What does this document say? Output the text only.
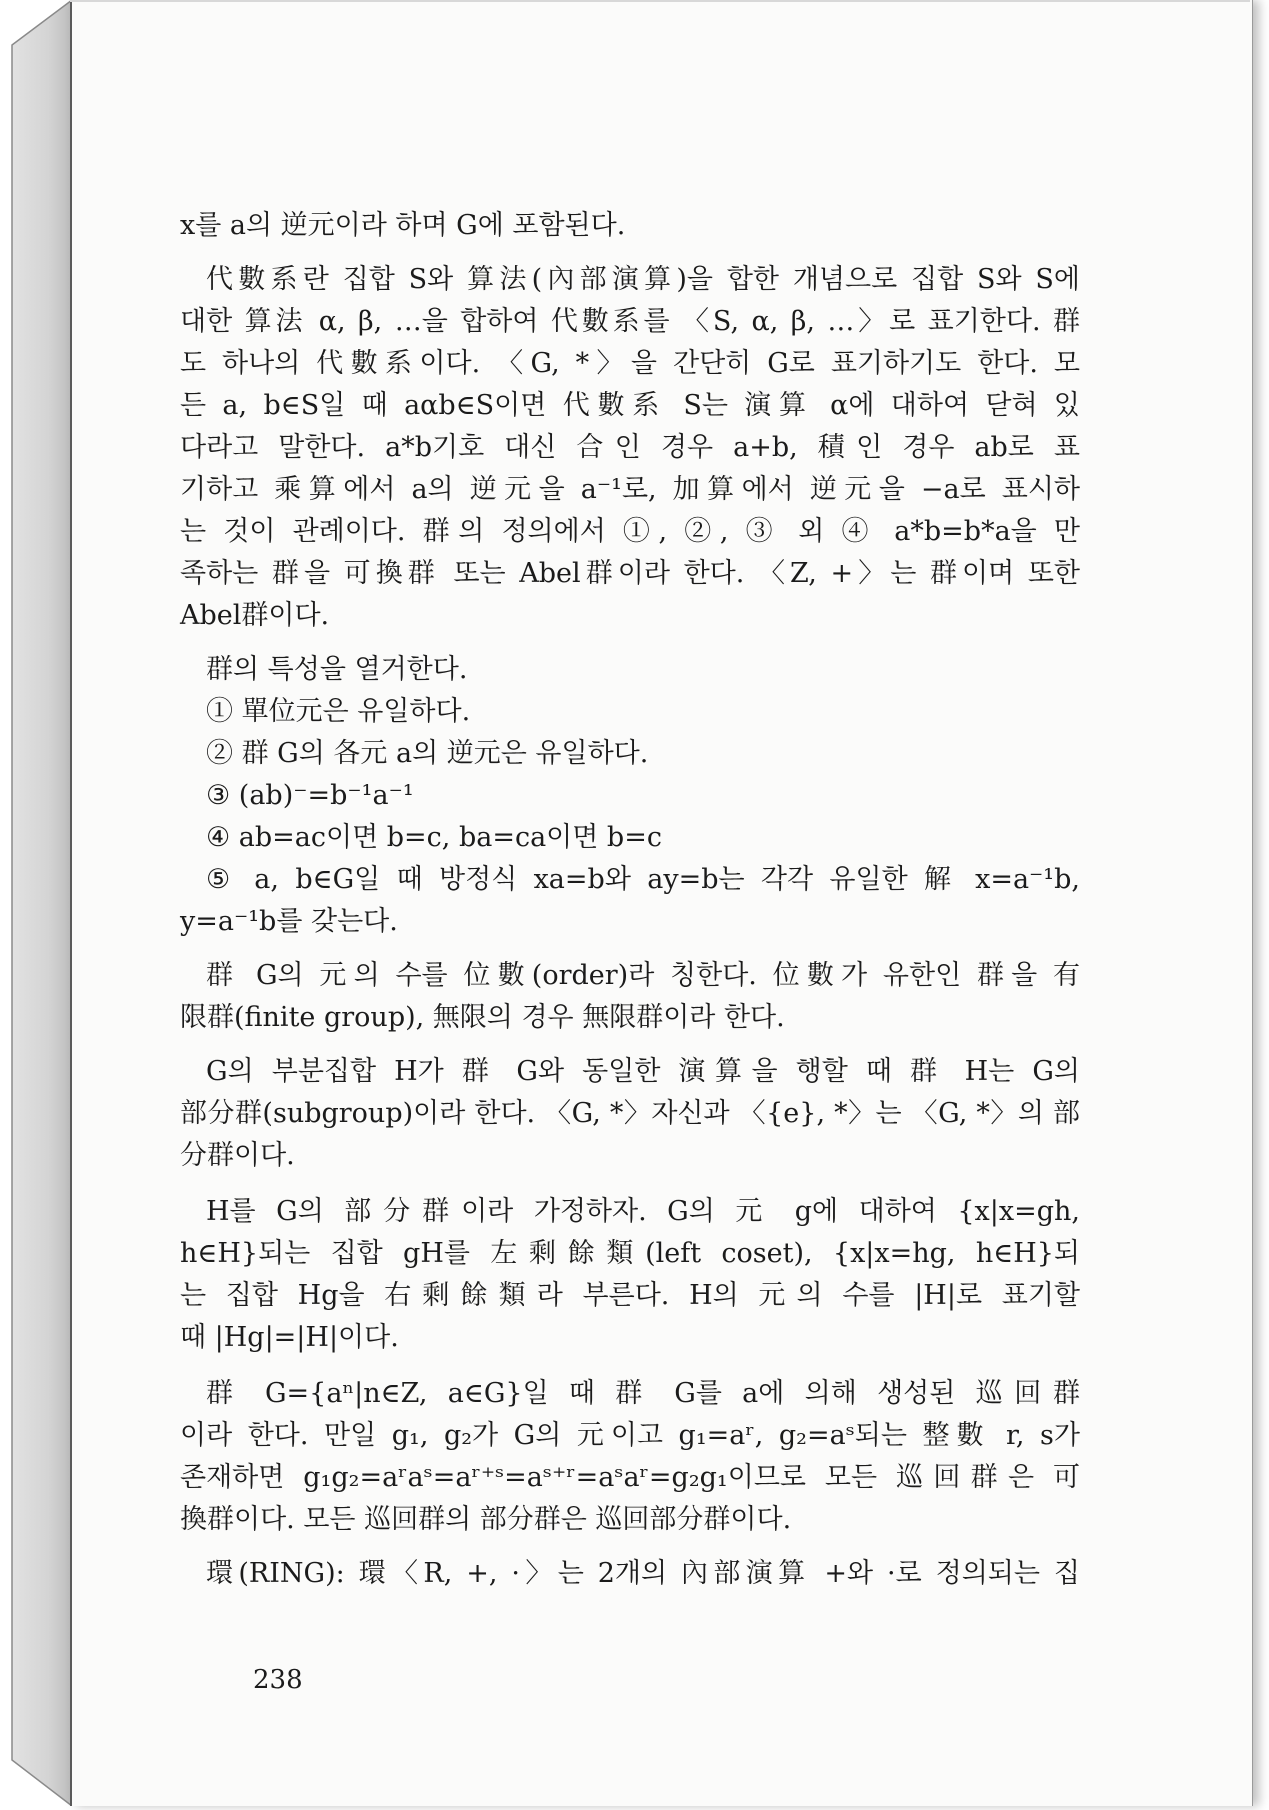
x를 a의 逆元이라 하며 G에 포함된다.
代數系란 집합 S와 算法(內部演算)을 합한 개념으로 집합 S와 S에
대한 算法 α, β, …을 합하여 代數系를 〈S, α, β, …〉로 표기한다. 群
도 하나의 代數系이다. 〈G, *〉을 간단히 G로 표기하기도 한다. 모
든 a, b∈S일 때 aαb∈S이면 代數系 S는 演算 α에 대하여 닫혀 있
다라고 말한다. a*b기호 대신 合인 경우 a+b, 積인 경우 ab로 표
기하고 乘算에서 a의 逆元을 a⁻¹로, 加算에서 逆元을 −a로 표시하
는 것이 관례이다. 群의 정의에서 ①, ②, ③ 외 ④ a*b=b*a을 만
족하는 群을 可換群 또는 Abel群이라 한다. 〈Z, +〉는 群이며 또한
Abel群이다.
群의 특성을 열거한다.
① 單位元은 유일하다.
② 群 G의 各元 a의 逆元은 유일하다.
③ (ab)⁻=b⁻¹a⁻¹
④ ab=ac이면 b=c, ba=ca이면 b=c
⑤ a, b∈G일 때 방정식 xa=b와 ay=b는 각각 유일한 解 x=a⁻¹b,
y=a⁻¹b를 갖는다.
群 G의 元의 수를 位數(order)라 칭한다. 位數가 유한인 群을 有
限群(finite group), 無限의 경우 無限群이라 한다.
G의 부분집합 H가 群 G와 동일한 演算을 행할 때 群 H는 G의
部分群(subgroup)이라 한다. 〈G, *〉자신과 〈{e}, *〉는 〈G, *〉의 部
分群이다.
H를 G의 部分群이라 가정하자. G의 元 g에 대하여 {x|x=gh,
h∈H}되는 집합 gH를 左剩餘類(left coset), {x|x=hg, h∈H}되
는 집합 Hg을 右剩餘類라 부른다. H의 元의 수를 |H|로 표기할
때 |Hg|=|H|이다.
群 G={aⁿ|n∈Z, a∈G}일 때 群 G를 a에 의해 생성된 巡回群
이라 한다. 만일 g₁, g₂가 G의 元이고 g₁=aʳ, g₂=aˢ되는 整數 r, s가
존재하면 g₁g₂=aʳaˢ=aʳ⁺ˢ=aˢ⁺ʳ=aˢaʳ=g₂g₁이므로 모든 巡回群은 可
換群이다. 모든 巡回群의 部分群은 巡回部分群이다.
環(RING): 環〈R, +, ·〉는 2개의 內部演算 +와 ·로 정의되는 집
238
